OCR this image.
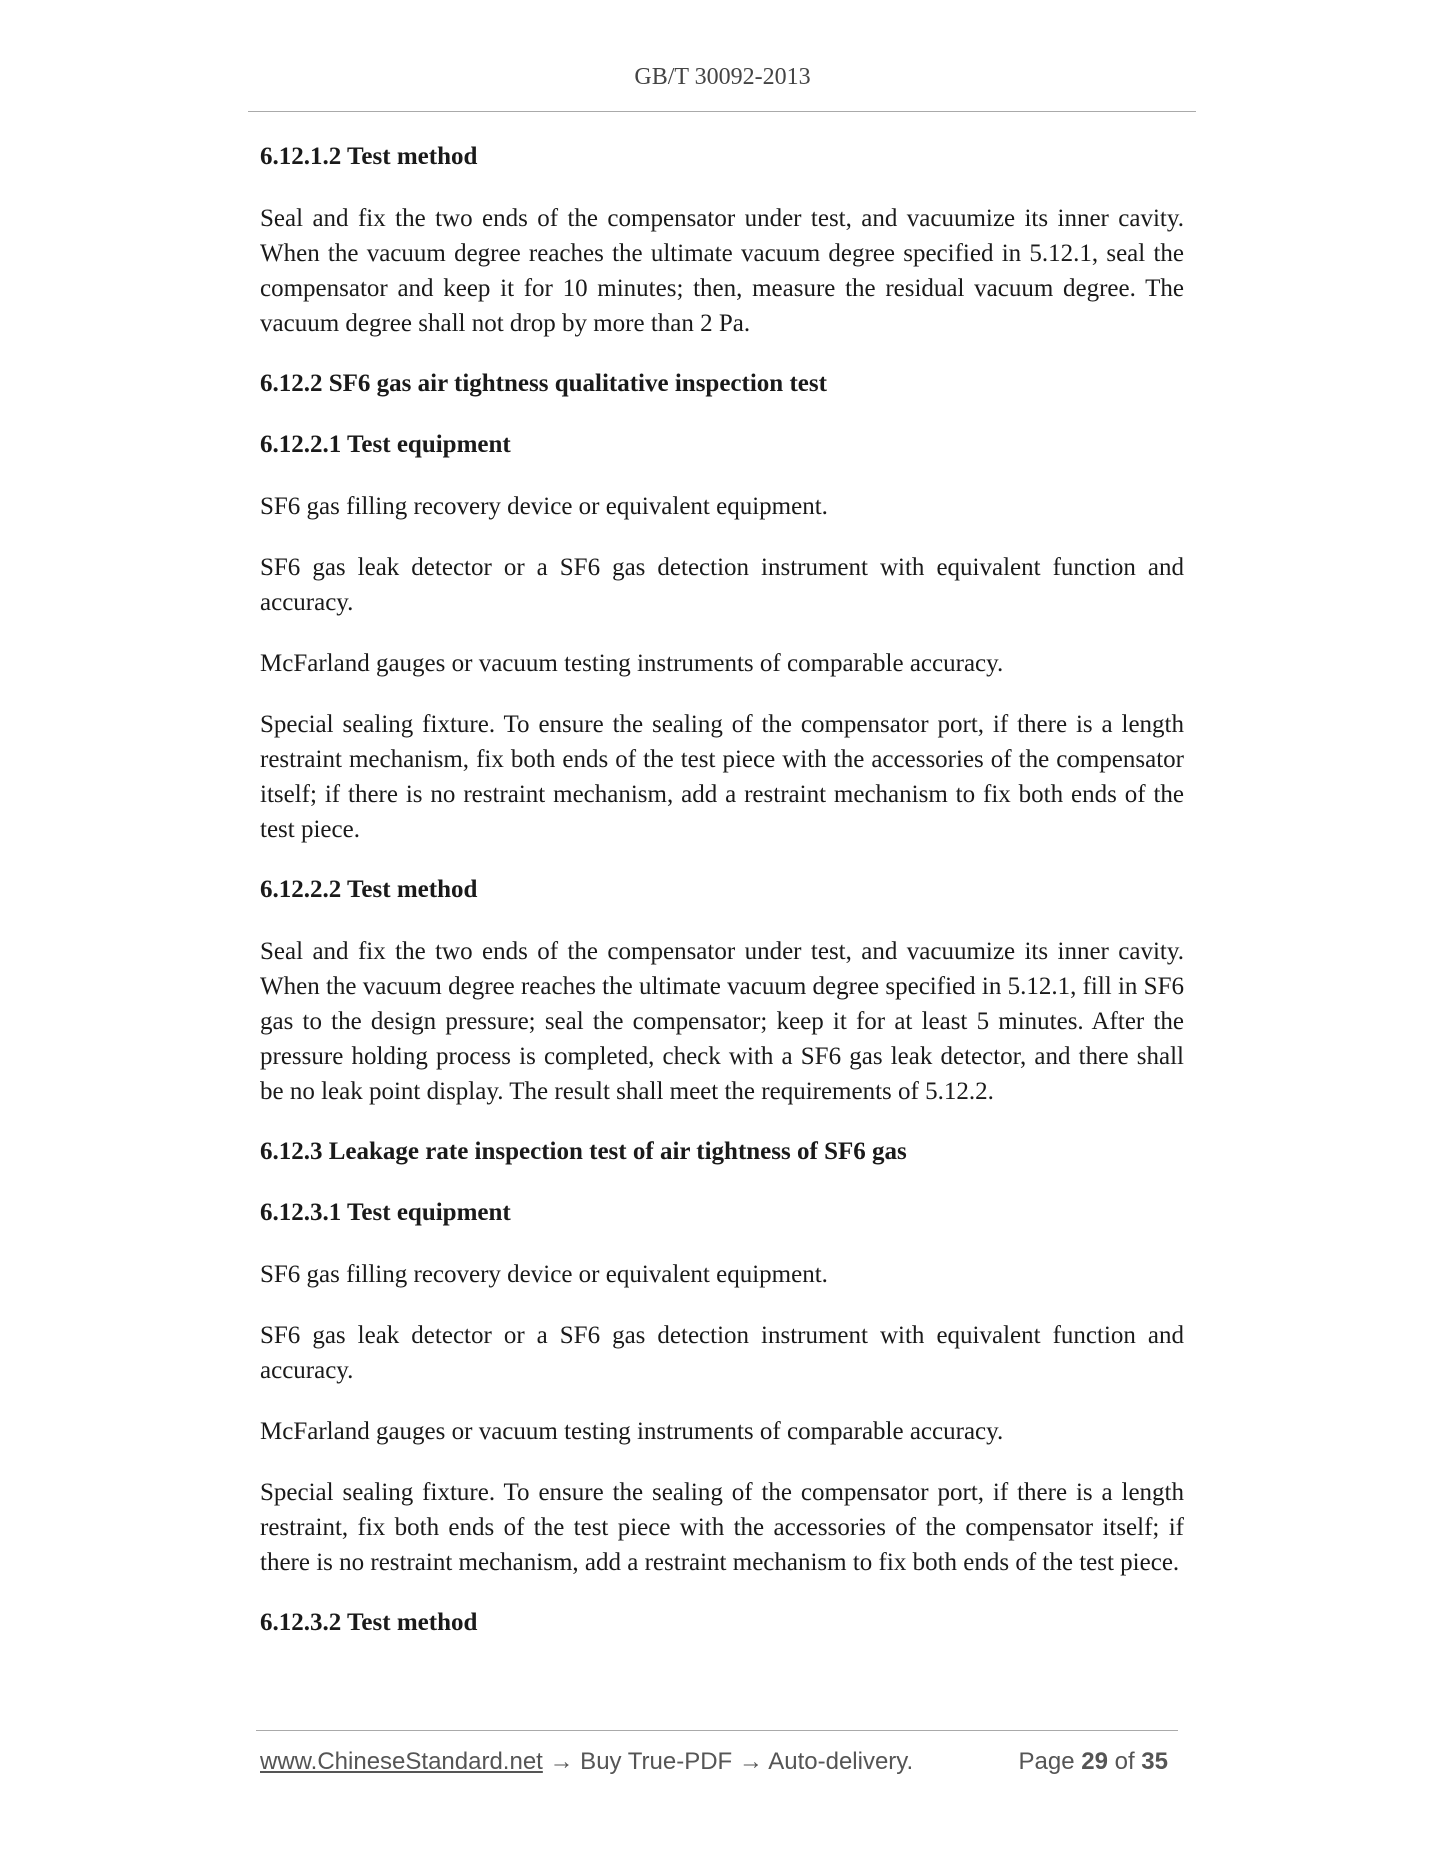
GB/T 30092-2013
6.12.1.2 Test method
Seal and fix the two ends of the compensator under test, and vacuumize its inner cavity. When the vacuum degree reaches the ultimate vacuum degree specified in 5.12.1, seal the compensator and keep it for 10 minutes; then, measure the residual vacuum degree. The vacuum degree shall not drop by more than 2 Pa.
6.12.2 SF6 gas air tightness qualitative inspection test
6.12.2.1 Test equipment
SF6 gas filling recovery device or equivalent equipment.
SF6 gas leak detector or a SF6 gas detection instrument with equivalent function and accuracy.
McFarland gauges or vacuum testing instruments of comparable accuracy.
Special sealing fixture. To ensure the sealing of the compensator port, if there is a length restraint mechanism, fix both ends of the test piece with the accessories of the compensator itself; if there is no restraint mechanism, add a restraint mechanism to fix both ends of the test piece.
6.12.2.2 Test method
Seal and fix the two ends of the compensator under test, and vacuumize its inner cavity. When the vacuum degree reaches the ultimate vacuum degree specified in 5.12.1, fill in SF6 gas to the design pressure; seal the compensator; keep it for at least 5 minutes. After the pressure holding process is completed, check with a SF6 gas leak detector, and there shall be no leak point display. The result shall meet the requirements of 5.12.2.
6.12.3 Leakage rate inspection test of air tightness of SF6 gas
6.12.3.1 Test equipment
SF6 gas filling recovery device or equivalent equipment.
SF6 gas leak detector or a SF6 gas detection instrument with equivalent function and accuracy.
McFarland gauges or vacuum testing instruments of comparable accuracy.
Special sealing fixture. To ensure the sealing of the compensator port, if there is a length restraint, fix both ends of the test piece with the accessories of the compensator itself; if there is no restraint mechanism, add a restraint mechanism to fix both ends of the test piece.
6.12.3.2 Test method
www.ChineseStandard.net → Buy True-PDF → Auto-delivery.	Page 29 of 35
